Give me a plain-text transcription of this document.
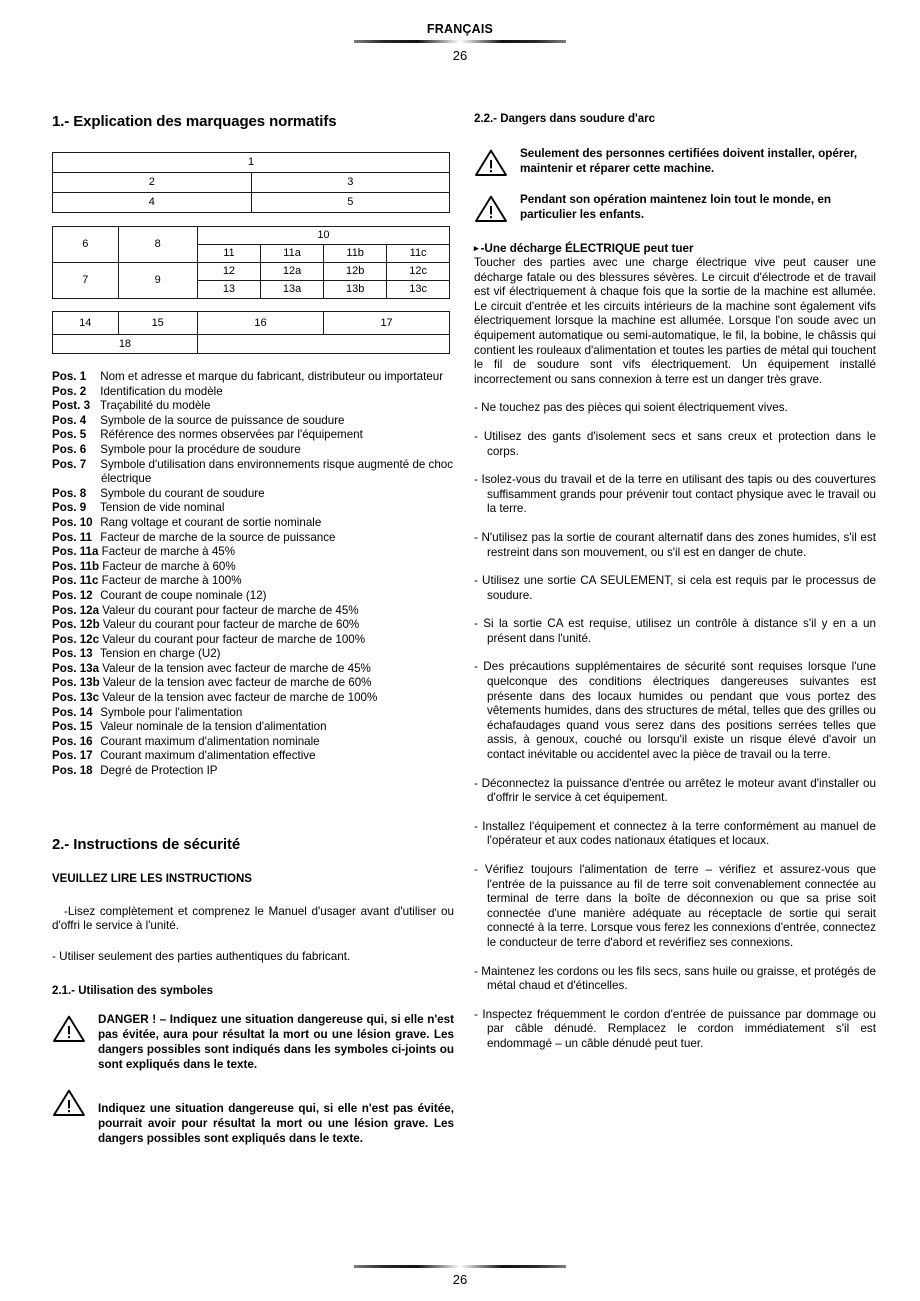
FRANÇAIS
26
1.- Explication des marquages normatifs
1	
2	3
4	5
6	8	10			
		11	11a	11b	11c
7	9	12	12a	12b	12c
		13	13a	13b	13c
14	15	16	17
18			
Pos. 1 Nom et adresse et marque du fabricant, distributeur ou importateur
Pos. 2 Identification du modèle
Post. 3 Traçabilité du modèle
Pos. 4 Symbole de la source de puissance de soudure
Pos. 5 Référence des normes observées par l'équipement
Pos. 6 Symbole pour la procédure de soudure
Pos. 7 Symbole d'utilisation dans environnements risque augmenté de choc électrique
Pos. 8 Symbole du courant de soudure
Pos. 9 Tension de vide nominal
Pos. 10 Rang voltage et courant de sortie nominale
Pos. 11 Facteur de marche de la source de puissance
Pos. 11a Facteur de marche à 45%
Pos. 11b Facteur de marche à 60%
Pos. 11c Facteur de marche à 100%
Pos. 12 Courant de coupe nominale (12)
Pos. 12a Valeur du courant pour facteur de marche de 45%
Pos. 12b Valeur du courant pour facteur de marche de 60%
Pos. 12c Valeur du courant pour facteur de marche de 100%
Pos. 13 Tension en charge (U2)
Pos. 13a Valeur de la tension avec facteur de marche de 45%
Pos. 13b Valeur de la tension avec facteur de marche de 60%
Pos. 13c Valeur de la tension avec facteur de marche de 100%
Pos. 14 Symbole pour l'alimentation
Pos. 15 Valeur nominale de la tension d'alimentation
Pos. 16 Courant maximum d'alimentation nominale
Pos. 17 Courant maximum d'alimentation effective
Pos. 18 Degré de Protection IP
2.- Instructions de sécurité

VEUILLEZ LIRE LES INSTRUCTIONS

-Lisez complètement et comprenez le Manuel d'usager avant d'utiliser ou d'offri le service à l'unité.

- Utiliser seulement des parties authentiques du fabricant.

2.1.- Utilisation des symboles
DANGER ! – Indiquez une situation dangereuse qui, si elle n'est pas évitée, aura pour résultat la mort ou une lésion grave. Les dangers possibles sont indiqués dans les symboles ci-joints ou sont expliqués dans le texte.
Indiquez une situation dangereuse qui, si elle n'est pas évitée, pourrait avoir pour résultat la mort ou une lésion grave. Les dangers possibles sont expliqués dans le texte.
2.2.- Dangers dans soudure d'arc
Seulement des personnes certifiées doivent installer, opérer, maintenir et réparer cette machine.
Pendant son opération maintenez loin tout le monde, en particulier les enfants.

▸ -Une décharge ÉLECTRIQUE peut tuer

Toucher des parties avec une charge électrique vive peut causer une décharge fatale ou des blessures sévères. Le circuit d'électrode et de travail est vif électriquement à chaque fois que la sortie de la machine est allumée. Le circuit d'entrée et les circuits intérieurs de la machine sont également vifs électriquement lorsque la machine est allumée. Lorsque l'on soude avec un équipement automatique ou semi-automatique, le fil, la bobine, le châssis qui contient les rouleaux d'alimentation et toutes les parties de métal qui touchent le fil de soudure sont vifs électriquement. Un équipement installé incorrectement ou sans connexion à terre est un danger très grave.

- Ne touchez pas des pièces qui soient électriquement vives.
- Utilisez des gants d'isolement secs et sans creux et protection dans le corps.
- Isolez-vous du travail et de la terre en utilisant des tapis ou des couvertures suffisamment grands pour prévenir tout contact physique avec le travail ou la terre.
- N'utilisez pas la sortie de courant alternatif dans des zones humides, s'il est restreint dans son mouvement, ou s'il est en danger de chute.
- Utilisez une sortie CA SEULEMENT, si cela est requis par le processus de soudure.
- Si la sortie CA est requise, utilisez un contrôle à distance s'il y en a un présent dans l'unité.
- Des précautions supplémentaires de sécurité sont requises lorsque l'une quelconque des conditions électriques dangereuses suivantes est présente dans des locaux humides ou pendant que vous portez des vêtements humides, dans des structures de métal, telles que des grilles ou échafaudages quand vous serez dans des positions serrées telles que assis, à genoux, couché ou lorsqu'il existe un risque élevé d'avoir un contact inévitable ou accidentel avec la pièce de travail ou la terre.
- Déconnectez la puissance d'entrée ou arrêtez le moteur avant d'installer ou d'offrir le service à cet équipement.
- Installez l'équipement et connectez à la terre conformément au manuel de l'opérateur et aux codes nationaux étatiques et locaux.
- Vérifiez toujours l'alimentation de terre – vérifiez et assurez-vous que l'entrée de la puissance au fil de terre soit convenablement connectée au terminal de terre dans la boîte de déconnexion ou que sa prise soit connectée d'une manière adéquate au réceptacle de sortie qui serait connecté à la terre. Lorsque vous ferez les connexions d'entrée, connectez le conducteur de terre d'abord et revérifiez ses connexions.
- Maintenez les cordons ou les fils secs, sans huile ou graisse, et protégés de métal chaud et d'étincelles.
- Inspectez fréquemment le cordon d'entrée de puissance par dommage ou par câble dénudé. Remplacez le cordon immédiatement s'il est endommagé – un câble dénudé peut tuer.
26
